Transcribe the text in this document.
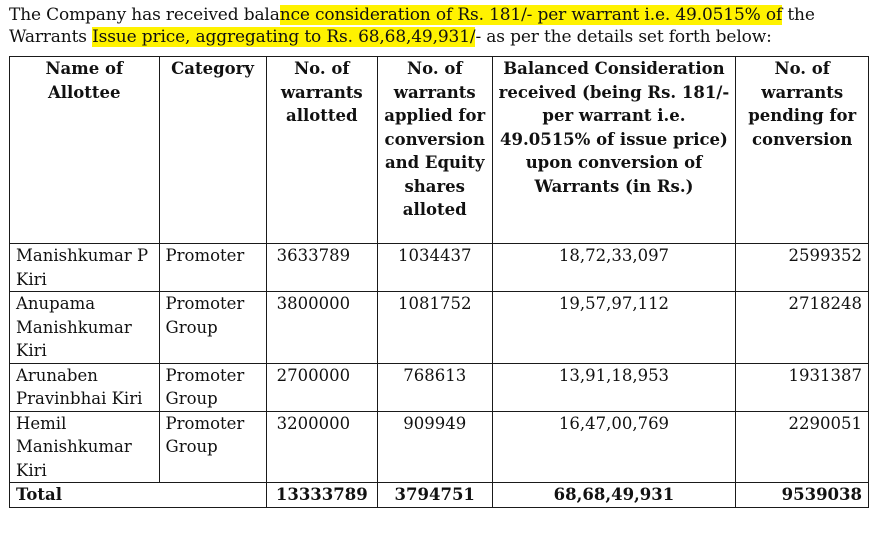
The Company has received balance consideration of Rs. 181/- per warrant i.e. 49.0515% of the
Warrants Issue price, aggregating to Rs. 68,68,49,931/- as per the details set forth below:

Name of Allottee	Category	No. of warrants allotted	No. of warrants applied for conversion and Equity shares alloted	Balanced Consideration received (being Rs. 181/-per warrant i.e. 49.0515% of issue price) upon conversion of Warrants (in Rs.)	No. of warrants pending for conversion
Manishkumar P Kiri	Promoter	3633789	1034437	18,72,33,097	2599352
Anupama Manishkumar Kiri	Promoter Group	3800000	1081752	19,57,97,112	2718248
Arunaben Pravinbhai Kiri	Promoter Group	2700000	768613	13,91,18,953	1931387
Hemil Manishkumar Kiri	Promoter Group	3200000	909949	16,47,00,769	2290051
Total		13333789	3794751	68,68,49,931	9539038
